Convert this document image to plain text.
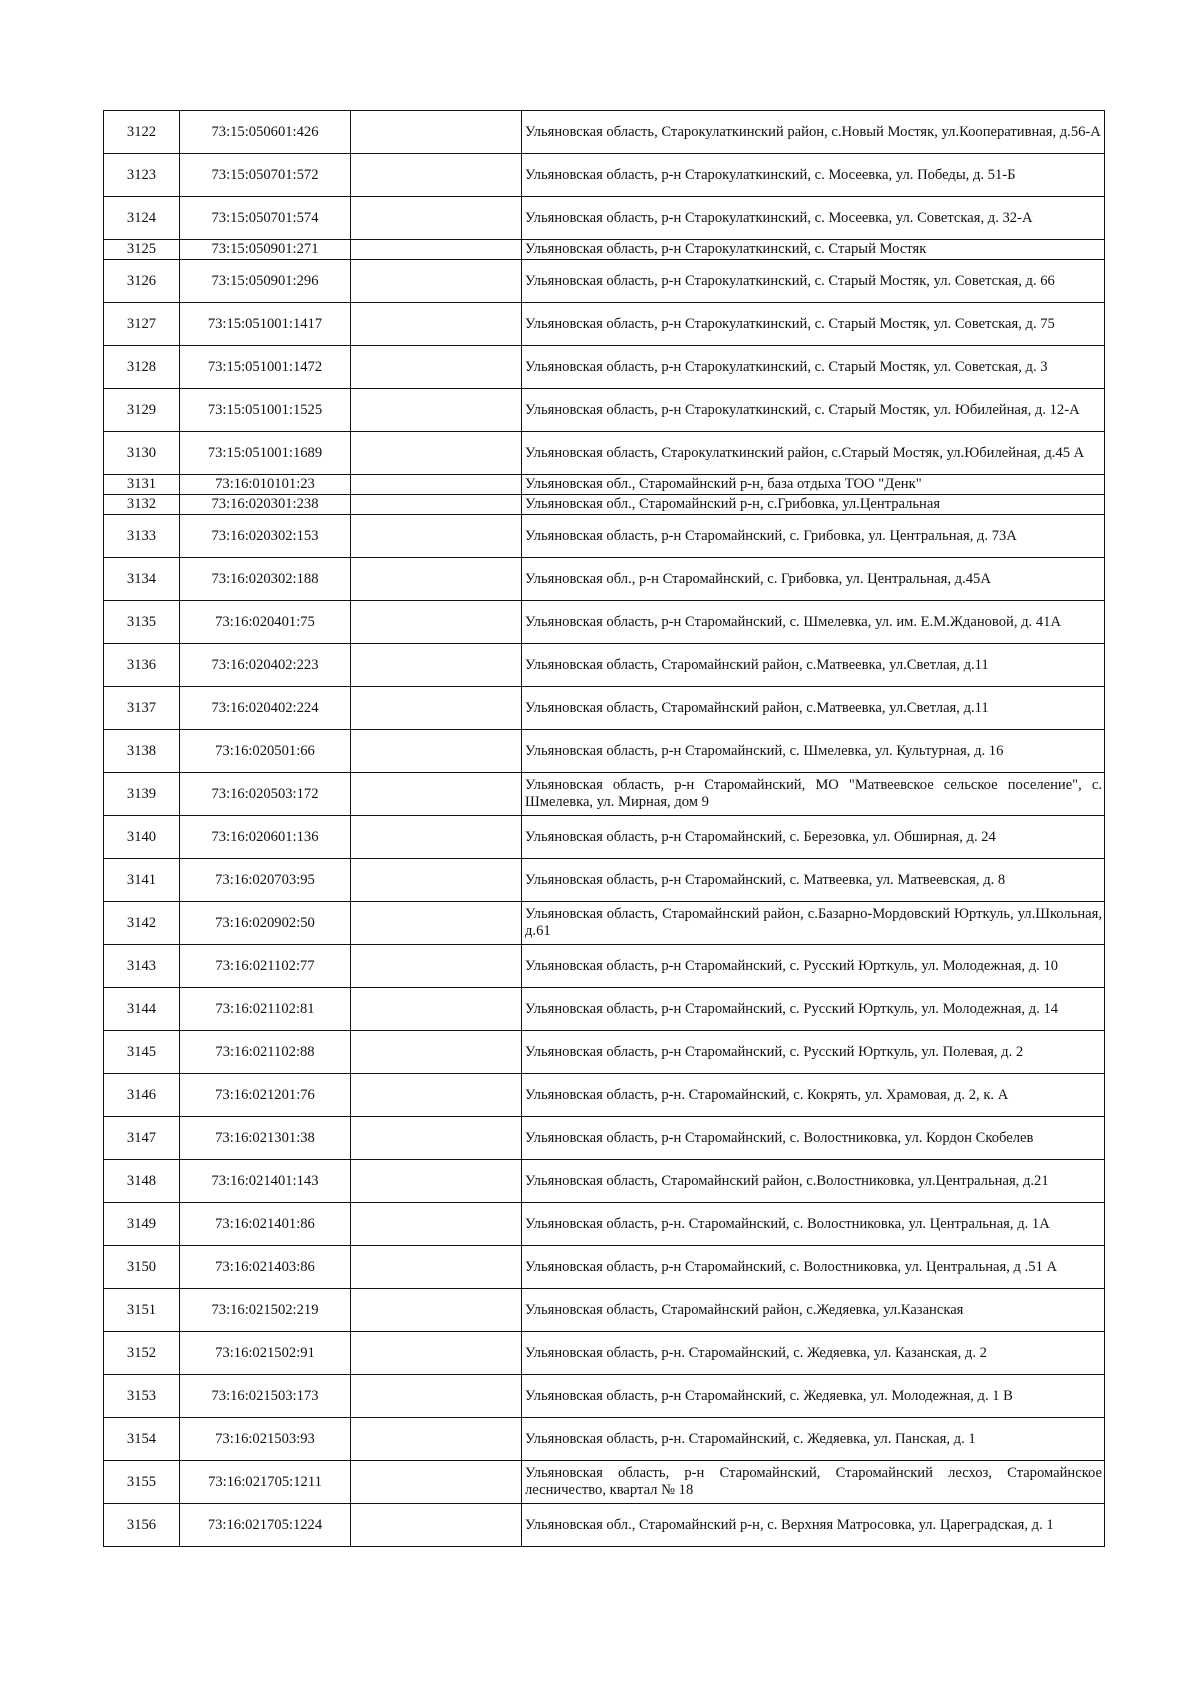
3122	73:15:050601:426		Ульяновская область, Старокулаткинский район, с.Новый Мостяк, ул.Кооперативная, д.56-А
3123	73:15:050701:572		Ульяновская область, р-н Старокулаткинский, с. Мосеевка, ул. Победы, д. 51-Б
3124	73:15:050701:574		Ульяновская область, р-н Старокулаткинский, с. Мосеевка, ул. Советская, д. 32-А
3125	73:15:050901:271		Ульяновская область, р-н Старокулаткинский, с. Старый Мостяк
3126	73:15:050901:296		Ульяновская область, р-н Старокулаткинский, с. Старый Мостяк, ул. Советская, д. 66
3127	73:15:051001:1417		Ульяновская область, р-н Старокулаткинский, с. Старый Мостяк, ул. Советская, д. 75
3128	73:15:051001:1472		Ульяновская область, р-н Старокулаткинский, с. Старый Мостяк, ул. Советская, д. 3
3129	73:15:051001:1525		Ульяновская область, р-н Старокулаткинский, с. Старый Мостяк, ул. Юбилейная, д. 12-А
3130	73:15:051001:1689		Ульяновская область, Старокулаткинский район, с.Старый Мостяк, ул.Юбилейная, д.45 А
3131	73:16:010101:23		Ульяновская обл., Старомайнский р-н, база отдыха ТОО "Денк"
3132	73:16:020301:238		Ульяновская обл., Старомайнский р-н, с.Грибовка, ул.Центральная
3133	73:16:020302:153		Ульяновская область, р-н Старомайнский, с. Грибовка, ул. Центральная, д. 73А
3134	73:16:020302:188		Ульяновская обл., р-н Старомайнский, с. Грибовка, ул. Центральная, д.45А
3135	73:16:020401:75		Ульяновская область, р-н Старомайнский, с. Шмелевка, ул. им. Е.М.Ждановой, д. 41А
3136	73:16:020402:223		Ульяновская область, Старомайнский район, с.Матвеевка, ул.Светлая, д.11
3137	73:16:020402:224		Ульяновская область, Старомайнский район, с.Матвеевка, ул.Светлая, д.11
3138	73:16:020501:66		Ульяновская область, р-н Старомайнский, с. Шмелевка, ул. Культурная, д. 16
3139	73:16:020503:172		Ульяновская область, р-н Старомайнский, МО "Матвеевское сельское поселение", с. Шмелевка, ул. Мирная, дом 9
3140	73:16:020601:136		Ульяновская область, р-н Старомайнский, с. Березовка, ул. Обширная, д. 24
3141	73:16:020703:95		Ульяновская область, р-н Старомайнский, с. Матвеевка, ул. Матвеевская, д. 8
3142	73:16:020902:50		Ульяновская область, Старомайнский район, с.Базарно-Мордовский Юрткуль, ул.Школьная, д.61
3143	73:16:021102:77		Ульяновская область, р-н Старомайнский, с. Русский Юрткуль, ул. Молодежная, д. 10
3144	73:16:021102:81		Ульяновская область, р-н Старомайнский, с. Русский Юрткуль, ул. Молодежная, д. 14
3145	73:16:021102:88		Ульяновская область, р-н Старомайнский, с. Русский Юрткуль, ул. Полевая, д. 2
3146	73:16:021201:76		Ульяновская область, р-н. Старомайнский, с. Кокрять, ул. Храмовая, д. 2, к. А
3147	73:16:021301:38		Ульяновская область, р-н Старомайнский, с. Волостниковка, ул. Кордон Скобелев
3148	73:16:021401:143		Ульяновская область, Старомайнский район, с.Волостниковка, ул.Центральная, д.21
3149	73:16:021401:86		Ульяновская область, р-н. Старомайнский, с. Волостниковка, ул. Центральная, д. 1А
3150	73:16:021403:86		Ульяновская область, р-н Старомайнский, с. Волостниковка, ул. Центральная, д .51 А
3151	73:16:021502:219		Ульяновская область, Старомайнский район, с.Жедяевка, ул.Казанская
3152	73:16:021502:91		Ульяновская область, р-н. Старомайнский, с. Жедяевка, ул. Казанская, д. 2
3153	73:16:021503:173		Ульяновская область, р-н Старомайнский, с. Жедяевка, ул. Молодежная, д. 1 В
3154	73:16:021503:93		Ульяновская область, р-н. Старомайнский, с. Жедяевка, ул. Панская, д. 1
3155	73:16:021705:1211		Ульяновская область, р-н Старомайнский, Старомайнский лесхоз, Старомайнское лесничество, квартал № 18
3156	73:16:021705:1224		Ульяновская обл., Старомайнский р-н, с. Верхняя Матросовка, ул. Цареградская, д. 1
